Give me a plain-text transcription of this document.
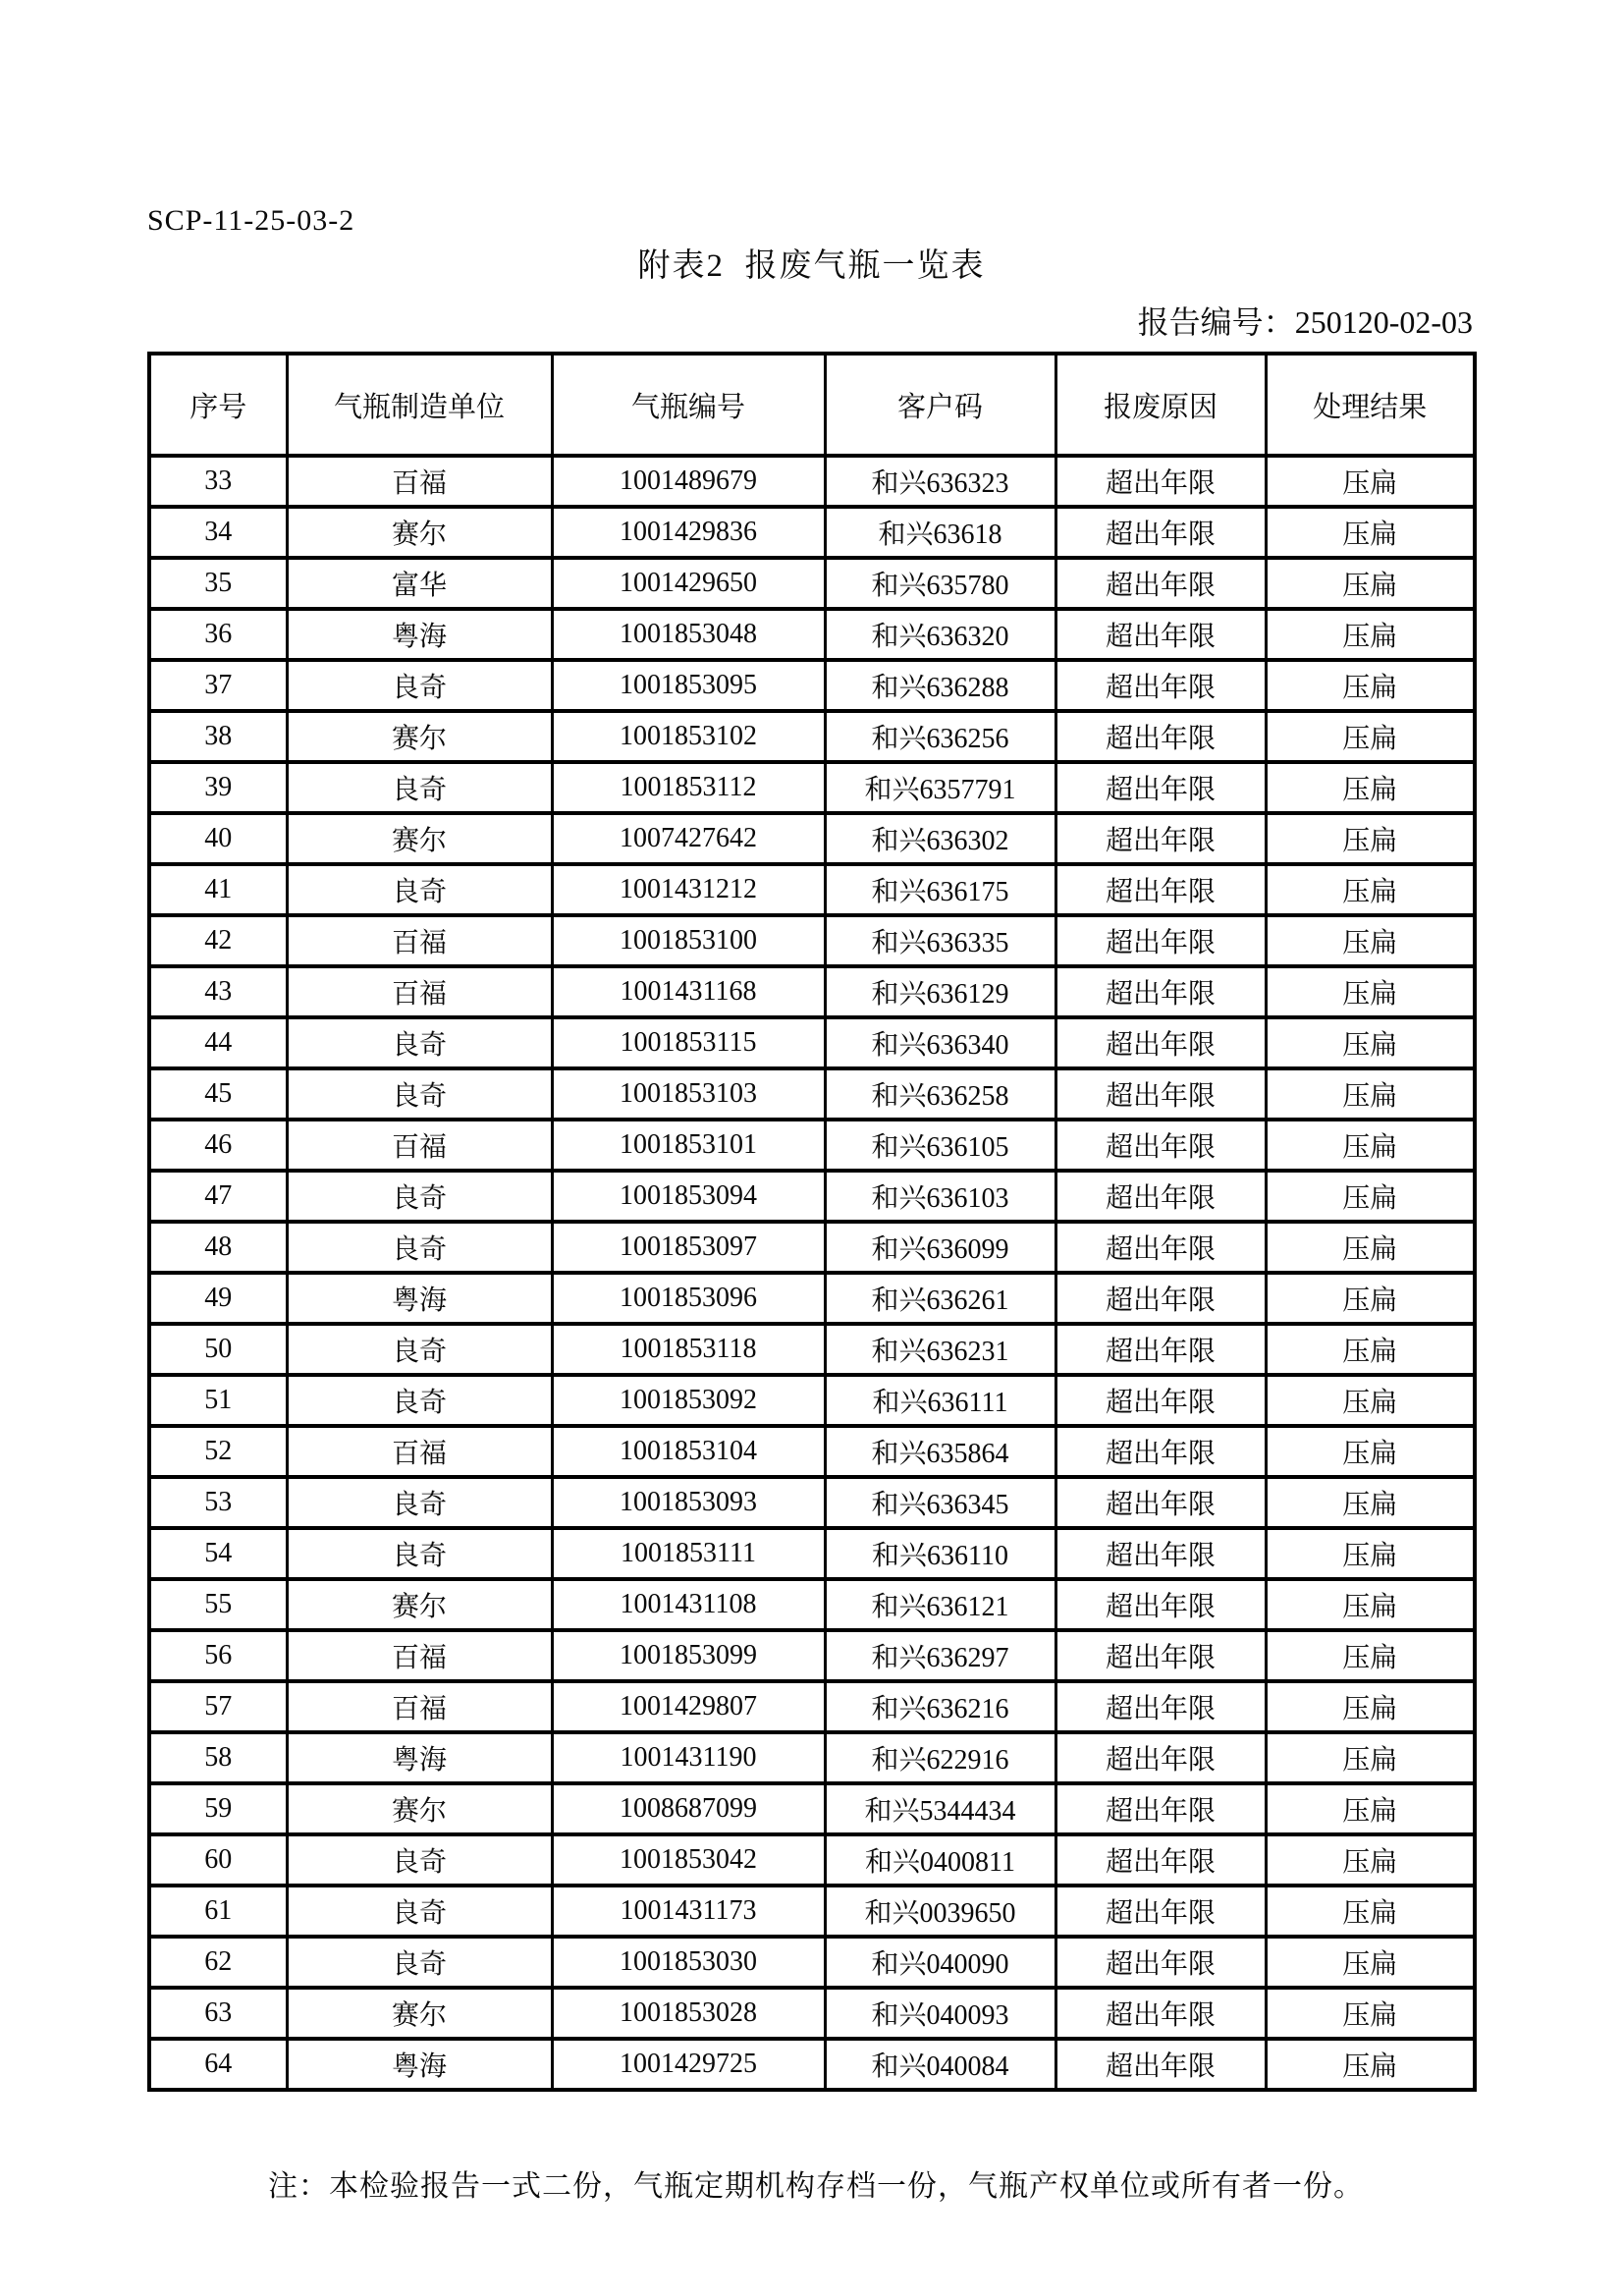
SCP-11-25-03-2
附表2  报废气瓶一览表
报告编号：250120-02-03
序号	气瓶制造单位	气瓶编号	客户码	报废原因	处理结果
33	百福	1001489679	和兴636323	超出年限	压扁
34	赛尔	1001429836	和兴63618	超出年限	压扁
35	富华	1001429650	和兴635780	超出年限	压扁
36	粤海	1001853048	和兴636320	超出年限	压扁
37	良奇	1001853095	和兴636288	超出年限	压扁
38	赛尔	1001853102	和兴636256	超出年限	压扁
39	良奇	1001853112	和兴6357791	超出年限	压扁
40	赛尔	1007427642	和兴636302	超出年限	压扁
41	良奇	1001431212	和兴636175	超出年限	压扁
42	百福	1001853100	和兴636335	超出年限	压扁
43	百福	1001431168	和兴636129	超出年限	压扁
44	良奇	1001853115	和兴636340	超出年限	压扁
45	良奇	1001853103	和兴636258	超出年限	压扁
46	百福	1001853101	和兴636105	超出年限	压扁
47	良奇	1001853094	和兴636103	超出年限	压扁
48	良奇	1001853097	和兴636099	超出年限	压扁
49	粤海	1001853096	和兴636261	超出年限	压扁
50	良奇	1001853118	和兴636231	超出年限	压扁
51	良奇	1001853092	和兴636111	超出年限	压扁
52	百福	1001853104	和兴635864	超出年限	压扁
53	良奇	1001853093	和兴636345	超出年限	压扁
54	良奇	1001853111	和兴636110	超出年限	压扁
55	赛尔	1001431108	和兴636121	超出年限	压扁
56	百福	1001853099	和兴636297	超出年限	压扁
57	百福	1001429807	和兴636216	超出年限	压扁
58	粤海	1001431190	和兴622916	超出年限	压扁
59	赛尔	1008687099	和兴5344434	超出年限	压扁
60	良奇	1001853042	和兴0400811	超出年限	压扁
61	良奇	1001431173	和兴0039650	超出年限	压扁
62	良奇	1001853030	和兴040090	超出年限	压扁
63	赛尔	1001853028	和兴040093	超出年限	压扁
64	粤海	1001429725	和兴040084	超出年限	压扁
注：本检验报告一式二份，气瓶定期机构存档一份，气瓶产权单位或所有者一份。
